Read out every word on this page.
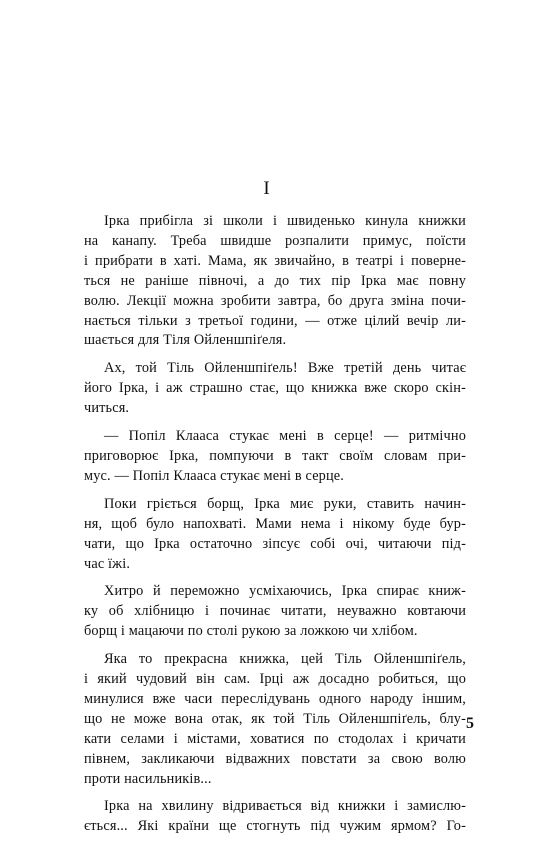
I

Ірка прибігла зі школи і швиденько кинула книжки
на канапу. Треба швидше розпалити примус, поїсти
і прибрати в хаті. Мама, як звичайно, в театрі і поверне-
ться не раніше півночі, а до тих пір Ірка має повну
волю. Лекції можна зробити завтра, бо друга зміна почи-
нається тільки з третьої години, — отже цілий вечір ли-
шається для Тіля Ойленшпіґеля.

Ах, той Тіль Ойленшпіґель! Вже третій день читає
його Ірка, і аж страшно стає, що книжка вже скоро скін-
читься.

— Попіл Клааса стукає мені в серце! — ритмічно
приговорює Ірка, помпуючи в такт своїм словам при-
мус. — Попіл Клааса стукає мені в серце.

Поки гріється борщ, Ірка миє руки, ставить начин-
ня, щоб було напохваті. Мами нема і нікому буде бур-
чати, що Ірка остаточно зіпсує собі очі, читаючи під-
час їжі.

Хитро й переможно усміхаючись, Ірка спирає книж-
ку об хлібницю і починає читати, неуважно ковтаючи
борщ і мацаючи по столі рукою за ложкою чи хлібом.

Яка то прекрасна книжка, цей Тіль Ойленшпіґель,
і який чудовий він сам. Ірці аж досадно робиться, що
минулися вже часи переслідувань одного народу іншим,
що не може вона отак, як той Тіль Ойленшпіґель, блу-
кати селами і містами, ховатися по стодолах і кричати
півнем, закликаючи відважних повстати за свою волю
проти насильників...

Ірка на хвилину відривається від книжки і замислю-
ється... Які країни ще стогнуть під чужим ярмом? Го-

5
